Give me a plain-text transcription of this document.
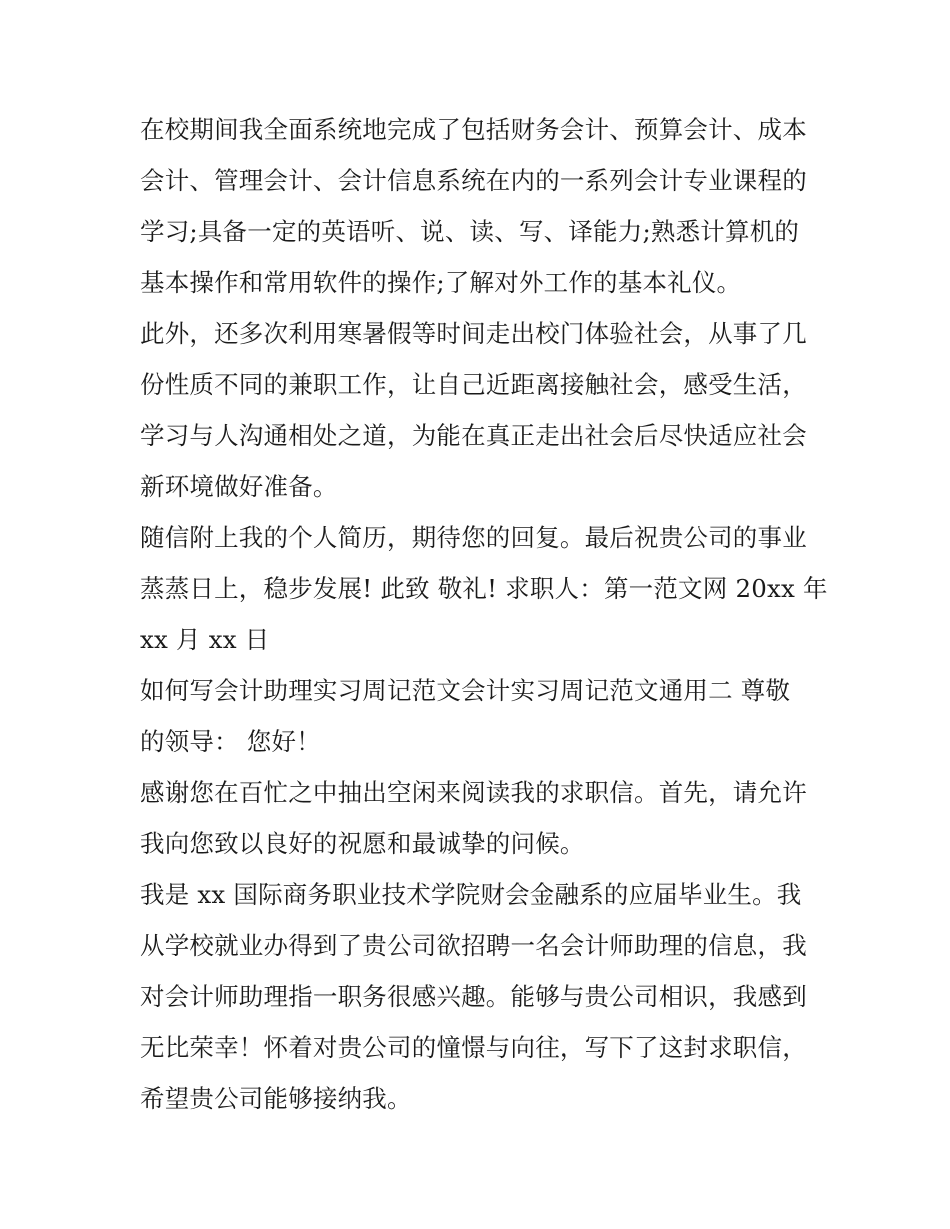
在校期间我全面系统地完成了包括财务会计、预算会计、成本
会计、管理会计、会计信息系统在内的一系列会计专业课程的
学习;具备一定的英语听、说、读、写、译能力;熟悉计算机的
基本操作和常用软件的操作;了解对外工作的基本礼仪。
此外，还多次利用寒暑假等时间走出校门体验社会，从事了几
份性质不同的兼职工作，让自己近距离接触社会，感受生活，
学习与人沟通相处之道，为能在真正走出社会后尽快适应社会
新环境做好准备。
随信附上我的个人简历，期待您的回复。最后祝贵公司的事业
蒸蒸日上，稳步发展! 此致 敬礼! 求职人：第一范文网 20xx 年
xx 月 xx 日
如何写会计助理实习周记范文会计实习周记范文通用二 尊敬
的领导： 您好！
感谢您在百忙之中抽出空闲来阅读我的求职信。首先，请允许
我向您致以良好的祝愿和最诚挚的问候。
我是 xx 国际商务职业技术学院财会金融系的应届毕业生。我
从学校就业办得到了贵公司欲招聘一名会计师助理的信息，我
对会计师助理指一职务很感兴趣。能够与贵公司相识，我感到
无比荣幸！怀着对贵公司的憧憬与向往，写下了这封求职信，
希望贵公司能够接纳我。
